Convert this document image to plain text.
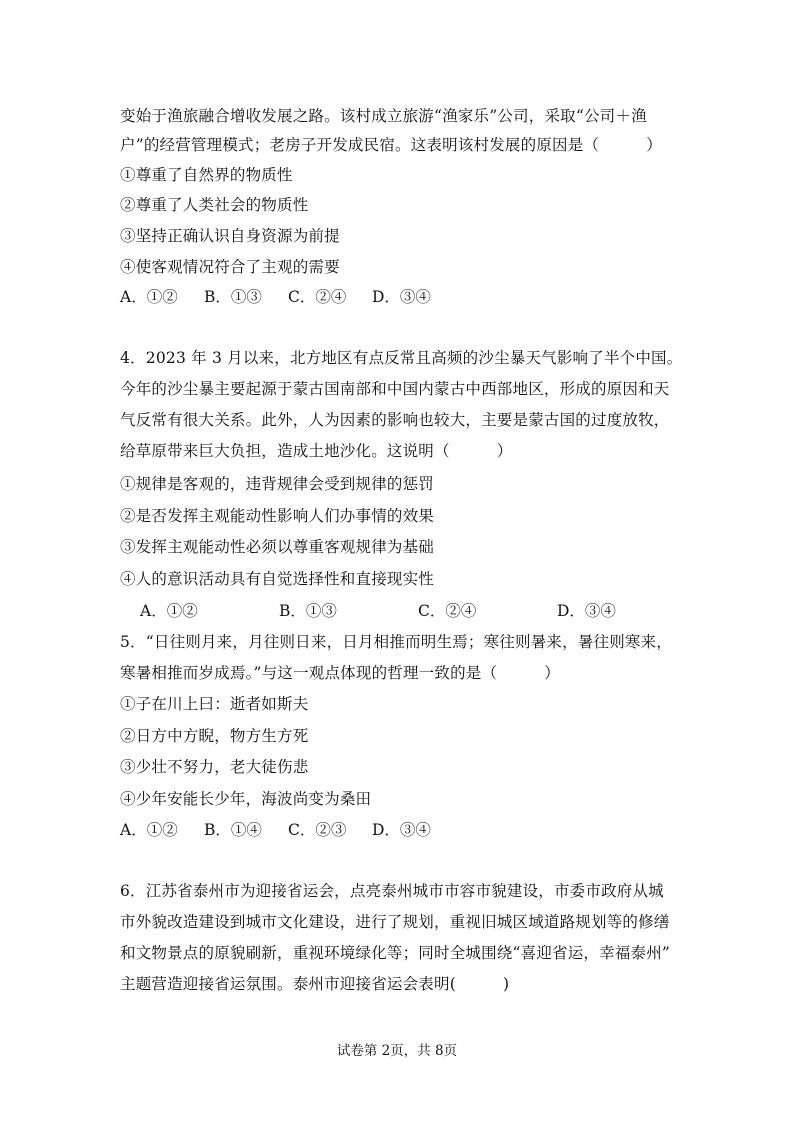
变始于渔旅融合增收发展之路。该村成立旅游“渔家乐”公司，采取“公司＋渔
户”的经营管理模式；老房子开发成民宿。这表明该村发展的原因是（　　　）
①尊重了自然界的物质性
②尊重了人类社会的物质性
③坚持正确认识自身资源为前提
④使客观情况符合了主观的需要
A．①② B．①③ C．②④ D．③④
4．2023 年 3 月以来，北方地区有点反常且高频的沙尘暴天气影响了半个中国。
今年的沙尘暴主要起源于蒙古国南部和中国内蒙古中西部地区，形成的原因和天
气反常有很大关系。此外，人为因素的影响也较大，主要是蒙古国的过度放牧，
给草原带来巨大负担，造成土地沙化。这说明（　　　）
①规律是客观的，违背规律会受到规律的惩罚
②是否发挥主观能动性影响人们办事情的效果
③发挥主观能动性必须以尊重客观规律为基础
④人的意识活动具有自觉选择性和直接现实性
A．①②	B．①③	C．②④	D．③④
5．“日往则月来，月往则日来，日月相推而明生焉；寒往则暑来，暑往则寒来，
寒暑相推而岁成焉。”与这一观点体现的哲理一致的是（　　　）
①子在川上曰：逝者如斯夫
②日方中方睨，物方生方死
③少壮不努力，老大徒伤悲
④少年安能长少年，海波尚变为桑田
A．①② B．①④ C．②③ D．③④
6．江苏省泰州市为迎接省运会，点亮泰州城市市容市貌建设，市委市政府从城
市外貌改造建设到城市文化建设，进行了规划，重视旧城区域道路规划等的修缮
和文物景点的原貌刷新，重视环境绿化等；同时全城围绕“喜迎省运，幸福泰州”
主题营造迎接省运氛围。泰州市迎接省运会表明(　　　)
试卷第 2页，共 8页
